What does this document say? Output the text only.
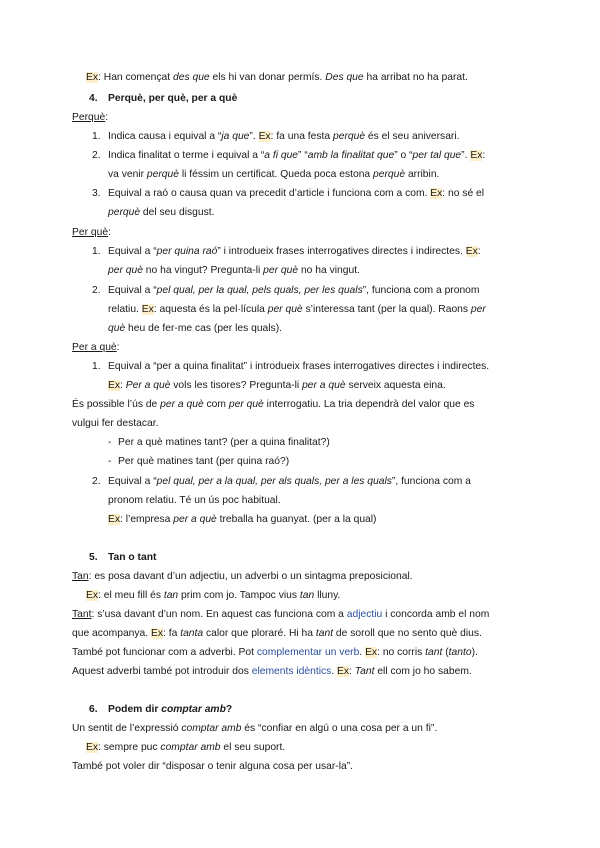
Ex: Han començat des que els hi van donar permís. Des que ha arribat no ha parat.
4. Perquè, per què, per a què
Perquè:
1. Indica causa i equival a “ja que”. Ex: fa una festa perquè és el seu aniversari.
2. Indica finalitat o terme i equival a “a fi que” “amb la finalitat que” o “per tal que”. Ex:
va venir perquè li féssim un certificat. Queda poca estona perquè arribin.
3. Equival a raó o causa quan va precedit d’article i funciona com a com. Ex: no sé el
perquè del seu disgust.
Per què:
1. Equival a “per quina raó” i introdueix frases interrogatives directes i indirectes. Ex:
per què no ha vingut? Pregunta-li per què no ha vingut.
2. Equival a “pel qual, per la qual, pels quals, per les quals”, funciona com a pronom
relatiu. Ex: aquesta és la pel·lícula per què s’interessa tant (per la qual). Raons per
què heu de fer-me cas (per les quals).
Per a què:
1. Equival a “per a quina finalitat” i introdueix frases interrogatives directes i indirectes.
Ex: Per a què vols les tisores? Pregunta-li per a què serveix aquesta eina.
És possible l’ús de per a què com per què interrogatiu. La tria dependrà del valor que es
vulgui fer destacar.
- Per a què matines tant? (per a quina finalitat?)
- Per què matines tant (per quina raó?)
2. Equival a “pel qual, per a la qual, per als quals, per a les quals”, funciona com a
pronom relatiu. Té un ús poc habitual.
Ex: l’empresa per a què treballa ha guanyat. (per a la qual)
5. Tan o tant
Tan: es posa davant d’un adjectiu, un adverbi o un sintagma preposicional.
Ex: el meu fill és tan prim com jo. Tampoc vius tan lluny.
Tant: s’usa davant d’un nom. En aquest cas funciona com a adjectiu i concorda amb el nom
que acompanya. Ex: fa tanta calor que ploraré. Hi ha tant de soroll que no sento què dius.
També pot funcionar com a adverbi. Pot complementar un verb. Ex: no corris tant (tanto).
Aquest adverbi també pot introduir dos elements idèntics. Ex: Tant ell com jo ho sabem.
6. Podem dir comptar amb?
Un sentit de l’expressió comptar amb és “confiar en algú o una cosa per a un fi”.
Ex: sempre puc comptar amb el seu suport.
També pot voler dir “disposar o tenir alguna cosa per usar-la”.
